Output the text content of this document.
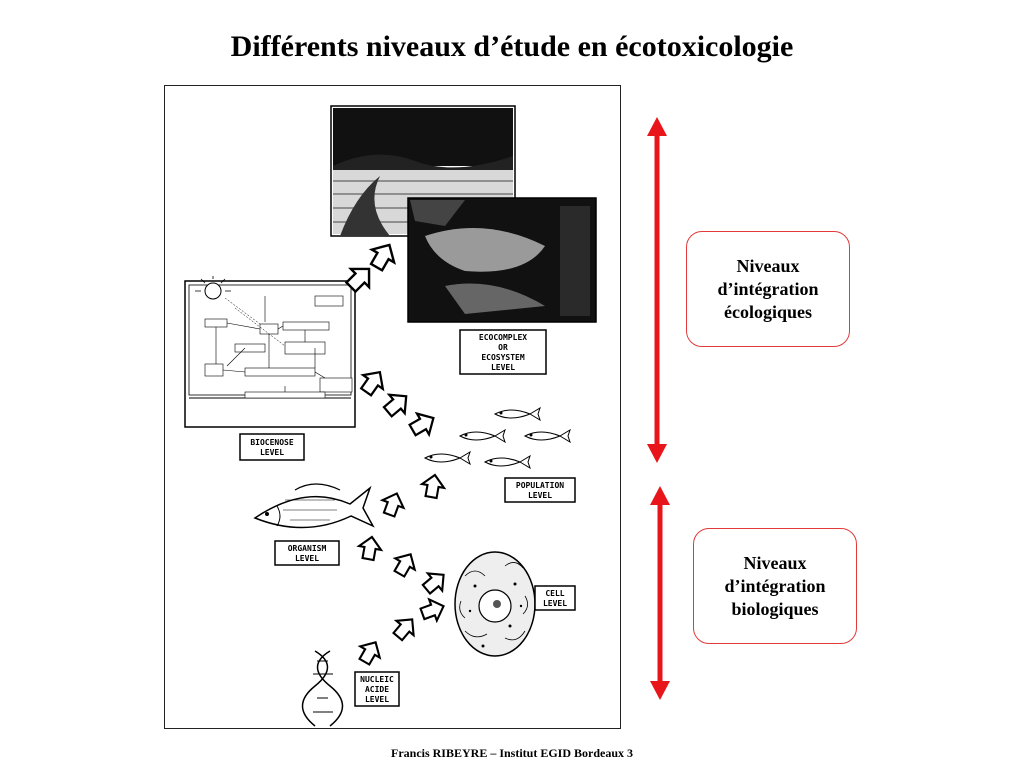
Différents niveaux d’étude en écotoxicologie
ECOCOMPLEX
OR
ECOSYSTEM
LEVEL
BIOCENOSE
LEVEL
POPULATION
LEVEL
ORGANISM
LEVEL
CELL
LEVEL
NUCLEIC
ACIDE
LEVEL
Niveaux d’intégration écologiques
Niveaux d’intégration biologiques
Francis RIBEYRE – Institut EGID Bordeaux 3
